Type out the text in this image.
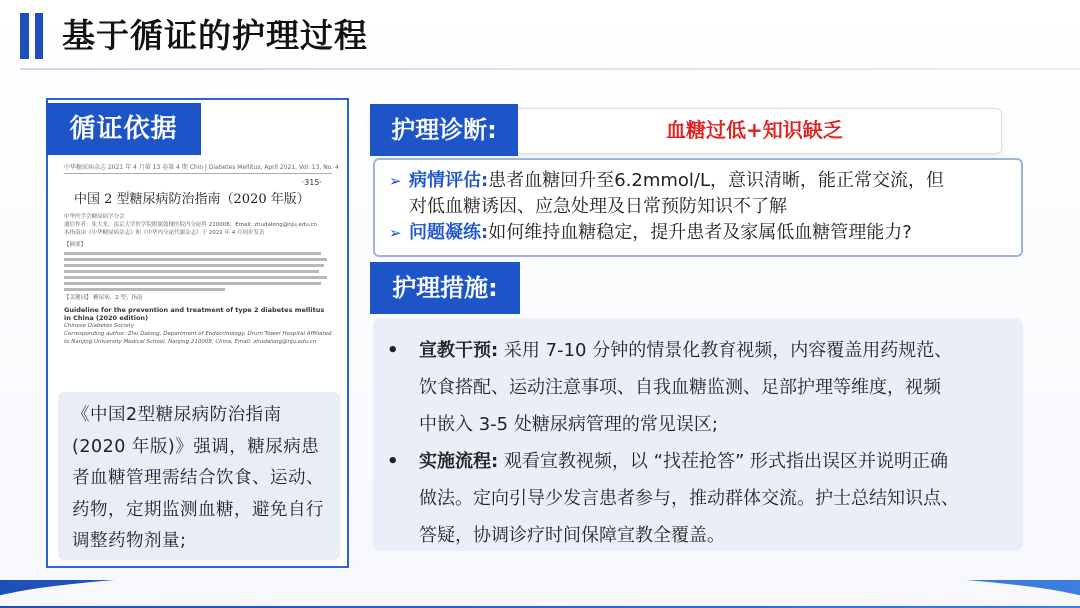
基于循证的护理过程
循证依据
中华糖尿病杂志 2021 年 4 月第 13 卷第 4 期 Chin J Diabetes Mellitus, April 2021, Vol. 13, No. 4
·315·
中国 2 型糖尿病防治指南（2020 年版）
中华医学会糖尿病学分会
通信作者：朱大龙，南京大学医学院附属鼓楼医院内分泌科 210008，Email: zhudalong@nju.edu.cn
本指南由《中华糖尿病杂志》和《中华内分泌代谢杂志》于 2021 年 4 月同步发表
【摘要】
【关键词】 糖尿病，2 型；指南
Guideline for the prevention and treatment of type 2 diabetes mellitus in China (2020 edition)
Chinese Diabetes Society
Corresponding author: Zhu Dalong, Department of Endocrinology, Drum Tower Hospital Affiliated to Nanjing University Medical School, Nanjing 210008, China, Email: zhudalong@nju.edu.cn
《中国2型糖尿病防治指南(2020 年版)》强调，糖尿病患者血糖管理需结合饮食、运动、药物，定期监测血糖，避免自行调整药物剂量;
护理诊断:	血糖过低+知识缺乏
➢ 病情评估:患者血糖回升至6.2mmol/L，意识清晰，能正常交流，但
对低血糖诱因、应急处理及日常预防知识不了解
➢ 问题凝练:如何维持血糖稳定，提升患者及家属低血糖管理能力?
护理措施:
•	宣教干预: 采用 7-10 分钟的情景化教育视频，内容覆盖用药规范、
饮食搭配、运动注意事项、自我血糖监测、足部护理等维度，视频
中嵌入 3-5 处糖尿病管理的常见误区;
•	实施流程: 观看宣教视频，以 “找茬抢答” 形式指出误区并说明正确
做法。定向引导少发言患者参与，推动群体交流。护士总结知识点、
答疑，协调诊疗时间保障宣教全覆盖。
